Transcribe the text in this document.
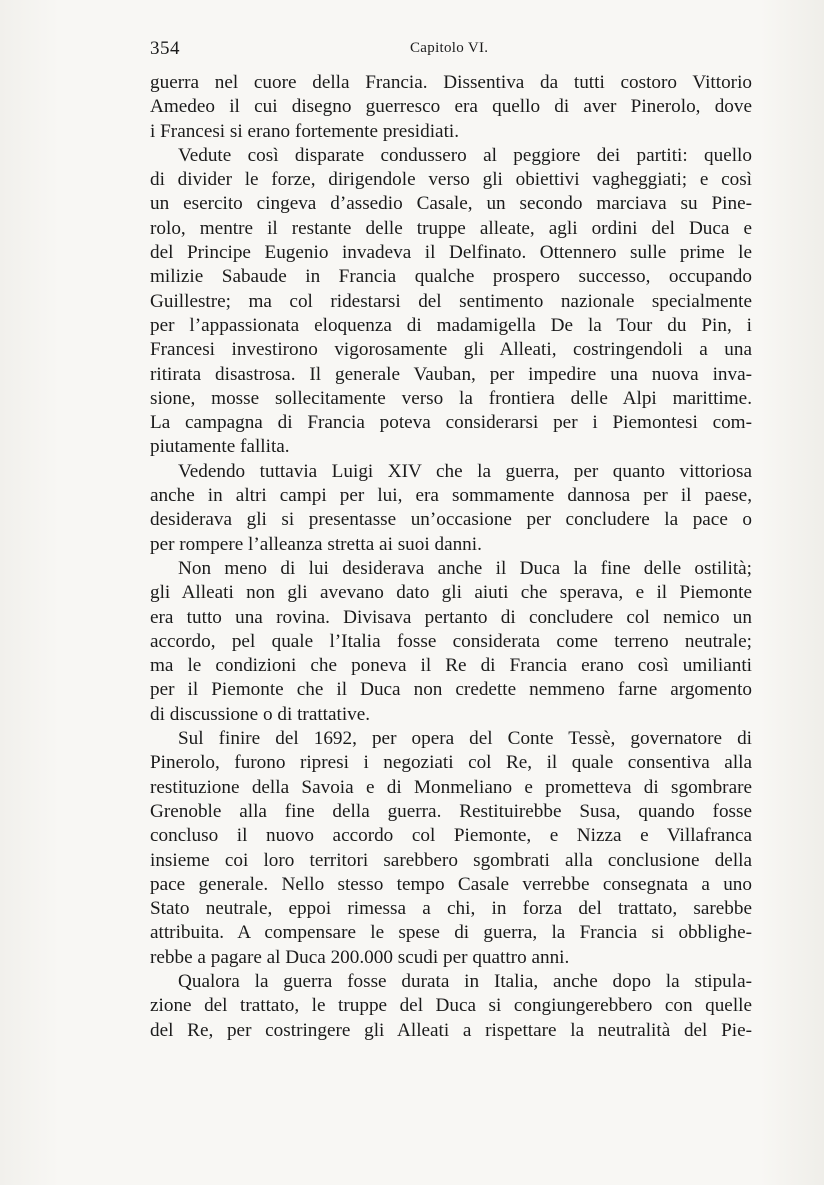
354	Capitolo VI.
guerra nel cuore della Francia. Dissentiva da tutti costoro Vittorio
Amedeo il cui disegno guerresco era quello di aver Pinerolo, dove
i Francesi si erano fortemente presidiati.
Vedute così disparate condussero al peggiore dei partiti: quello
di divider le forze, dirigendole verso gli obiettivi vagheggiati; e così
un esercito cingeva d’assedio Casale, un secondo marciava su Pine-
rolo, mentre il restante delle truppe alleate, agli ordini del Duca e
del Principe Eugenio invadeva il Delfinato. Ottennero sulle prime le
milizie Sabaude in Francia qualche prospero successo, occupando
Guillestre; ma col ridestarsi del sentimento nazionale specialmente
per l’appassionata eloquenza di madamigella De la Tour du Pin, i
Francesi investirono vigorosamente gli Alleati, costringendoli a una
ritirata disastrosa. Il generale Vauban, per impedire una nuova inva-
sione, mosse sollecitamente verso la frontiera delle Alpi marittime.
La campagna di Francia poteva considerarsi per i Piemontesi com-
piutamente fallita.
Vedendo tuttavia Luigi XIV che la guerra, per quanto vittoriosa
anche in altri campi per lui, era sommamente dannosa per il paese,
desiderava gli si presentasse un’occasione per concludere la pace o
per rompere l’alleanza stretta ai suoi danni.
Non meno di lui desiderava anche il Duca la fine delle ostilità;
gli Alleati non gli avevano dato gli aiuti che sperava, e il Piemonte
era tutto una rovina. Divisava pertanto di concludere col nemico un
accordo, pel quale l’Italia fosse considerata come terreno neutrale;
ma le condizioni che poneva il Re di Francia erano così umilianti
per il Piemonte che il Duca non credette nemmeno farne argomento
di discussione o di trattative.
Sul finire del 1692, per opera del Conte Tessè, governatore di
Pinerolo, furono ripresi i negoziati col Re, il quale consentiva alla
restituzione della Savoia e di Monmeliano e prometteva di sgombrare
Grenoble alla fine della guerra. Restituirebbe Susa, quando fosse
concluso il nuovo accordo col Piemonte, e Nizza e Villafranca
insieme coi loro territori sarebbero sgombrati alla conclusione della
pace generale. Nello stesso tempo Casale verrebbe consegnata a uno
Stato neutrale, eppoi rimessa a chi, in forza del trattato, sarebbe
attribuita. A compensare le spese di guerra, la Francia si obblighe-
rebbe a pagare al Duca 200.000 scudi per quattro anni.
Qualora la guerra fosse durata in Italia, anche dopo la stipula-
zione del trattato, le truppe del Duca si congiungerebbero con quelle
del Re, per costringere gli Alleati a rispettare la neutralità del Pie-
